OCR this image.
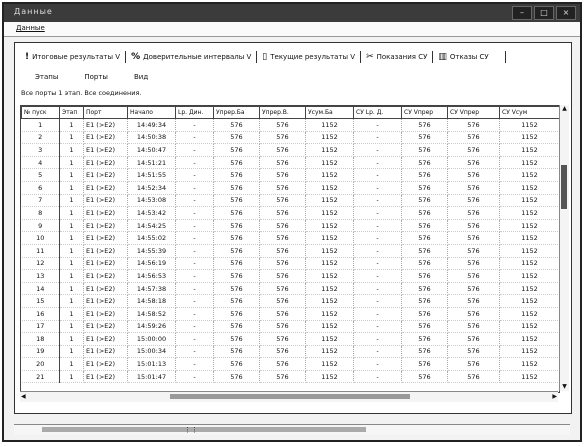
Данные	–	□	×
Данные
! Итоговые результаты V % Доверительные интервалы V ▯ Текущие результаты V ✂ Показания СУ ▥ Отказы СУ
Этапы	Порты	Вид
Все порты 1 этап. Все соединения.
№ пуск	Этап	Порт	Начало	Lр. Дин.	Упрер.Ба	Упрер.В.	Усум.Ба	СУ Lр. Д.	СУ Vпрер	СУ Vпрер	СУ Vсум
1	1	E1 (>E2)	14:49:34	-	576	576	1152	-	576	576	1152
2	1	E1 (>E2)	14:50:38	-	576	576	1152	-	576	576	1152
3	1	E1 (>E2)	14:50:47	-	576	576	1152	-	576	576	1152
4	1	E1 (>E2)	14:51:21	-	576	576	1152	-	576	576	1152
5	1	E1 (>E2)	14:51:55	-	576	576	1152	-	576	576	1152
6	1	E1 (>E2)	14:52:34	-	576	576	1152	-	576	576	1152
7	1	E1 (>E2)	14:53:08	-	576	576	1152	-	576	576	1152
8	1	E1 (>E2)	14:53:42	-	576	576	1152	-	576	576	1152
9	1	E1 (>E2)	14:54:25	-	576	576	1152	-	576	576	1152
10	1	E1 (>E2)	14:55:02	-	576	576	1152	-	576	576	1152
11	1	E1 (>E2)	14:55:39	-	576	576	1152	-	576	576	1152
12	1	E1 (>E2)	14:56:19	-	576	576	1152	-	576	576	1152
13	1	E1 (>E2)	14:56:53	-	576	576	1152	-	576	576	1152
14	1	E1 (>E2)	14:57:38	-	576	576	1152	-	576	576	1152
15	1	E1 (>E2)	14:58:18	-	576	576	1152	-	576	576	1152
16	1	E1 (>E2)	14:58:52	-	576	576	1152	-	576	576	1152
17	1	E1 (>E2)	14:59:26	-	576	576	1152	-	576	576	1152
18	1	E1 (>E2)	15:00:00	-	576	576	1152	-	576	576	1152
19	1	E1 (>E2)	15:00:34	-	576	576	1152	-	576	576	1152
20	1	E1 (>E2)	15:01:13	-	576	576	1152	-	576	576	1152
21	1	E1 (>E2)	15:01:47	-	576	576	1152	-	576	576	1152
▲
▼
◀	▶
⋮⋮
